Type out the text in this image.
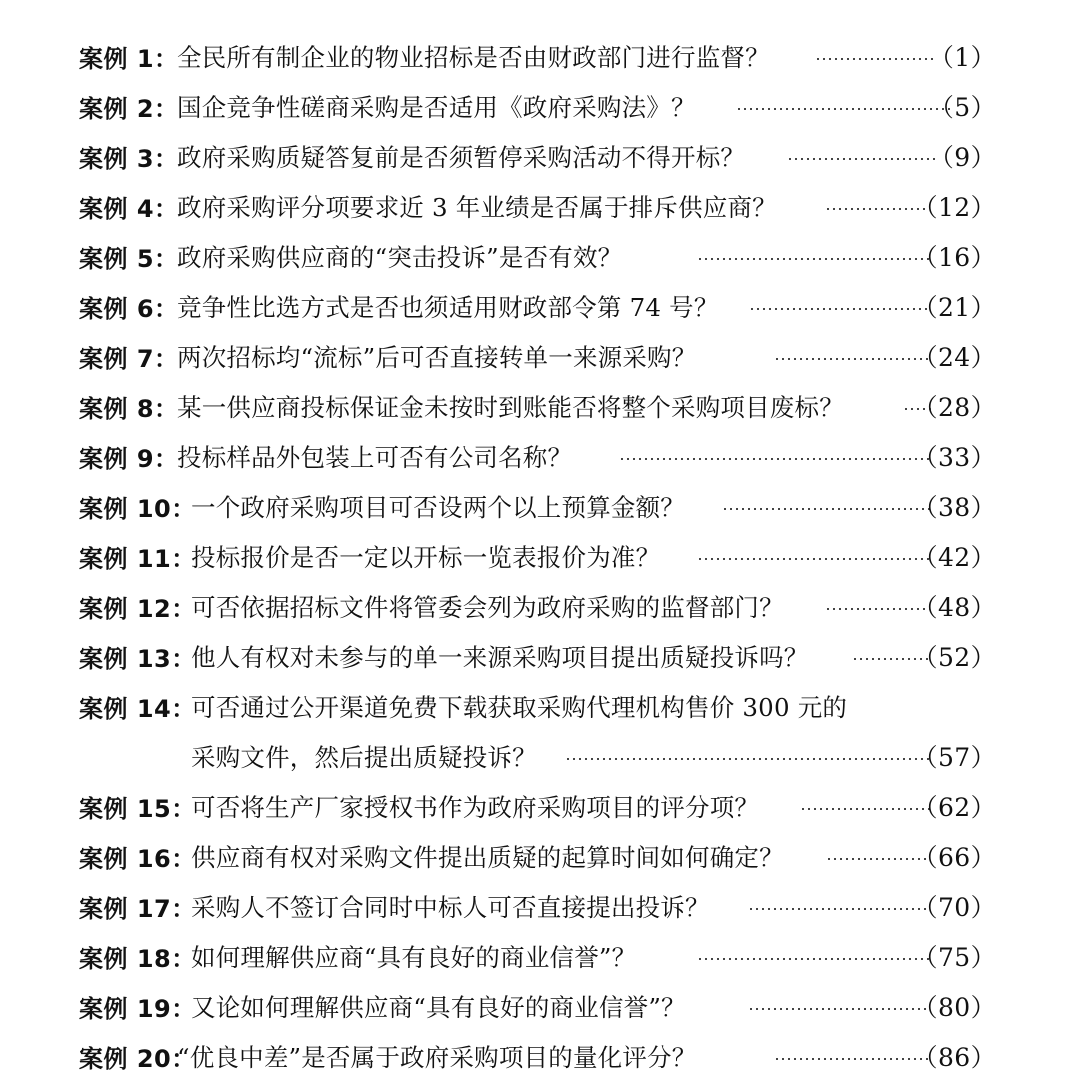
案例 1：
全民所有制企业的物业招标是否由财政部门进行监督？	（1）
案例 2：
国企竞争性磋商采购是否适用《政府采购法》？	（5）
案例 3：
政府采购质疑答复前是否须暂停采购活动不得开标？	（9）
案例 4：
政府采购评分项要求近 3 年业绩是否属于排斥供应商？	（12）
案例 5：
政府采购供应商的“突击投诉”是否有效？	（16）
案例 6：
竞争性比选方式是否也须适用财政部令第 74 号？	（21）
案例 7：
两次招标均“流标”后可否直接转单一来源采购？	（24）
案例 8：
某一供应商投标保证金未按时到账能否将整个采购项目废标？	（28）
案例 9：
投标样品外包装上可否有公司名称？	（33）
案例 10：
一个政府采购项目可否设两个以上预算金额？	（38）
案例 11：
投标报价是否一定以开标一览表报价为准？	（42）
案例 12：
可否依据招标文件将管委会列为政府采购的监督部门？	（48）
案例 13：
他人有权对未参与的单一来源采购项目提出质疑投诉吗？	（52）
案例 14：
可否通过公开渠道免费下载获取采购代理机构售价 300 元的
采购文件，然后提出质疑投诉？	（57）
案例 15：
可否将生产厂家授权书作为政府采购项目的评分项？	（62）
案例 16：
供应商有权对采购文件提出质疑的起算时间如何确定？	（66）
案例 17：
采购人不签订合同时中标人可否直接提出投诉？	（70）
案例 18：
如何理解供应商“具有良好的商业信誉”？	（75）
案例 19：
又论如何理解供应商“具有良好的商业信誉”？	（80）
案例 20：
“优良中差”是否属于政府采购项目的量化评分？	（86）
